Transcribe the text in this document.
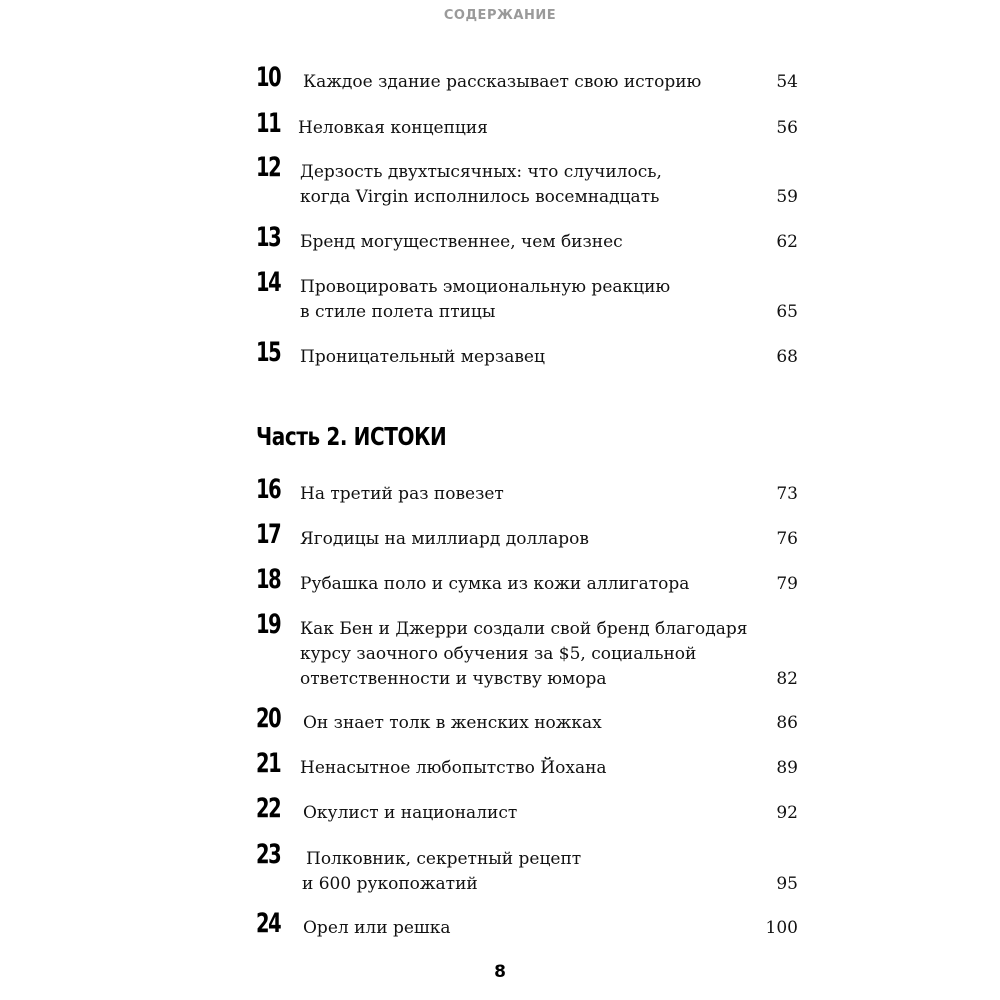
СОДЕРЖАНИЕ
10 Каждое здание рассказывает свою историю	54
11 Неловкая концепция	56
12 Дерзость двухтысячных: что случилось,
когда Virgin исполнилось восемнадцать	59
13 Бренд могущественнее, чем бизнес	62
14 Провоцировать эмоциональную реакцию
в стиле полета птицы	65
15 Проницательный мерзавец	68
Часть 2. ИСТОКИ
16 На третий раз повезет	73
17 Ягодицы на миллиард долларов	76
18 Рубашка поло и сумка из кожи аллигатора	79
19 Как Бен и Джерри создали свой бренд благодаря
курсу заочного обучения за $5, социальной
ответственности и чувству юмора	82
20 Он знает толк в женских ножках	86
21 Ненасытное любопытство Йохана	89
22 Окулист и националист	92
23 Полковник, секретный рецепт
и 600 рукопожатий	95
24 Орел или решка	100
8
